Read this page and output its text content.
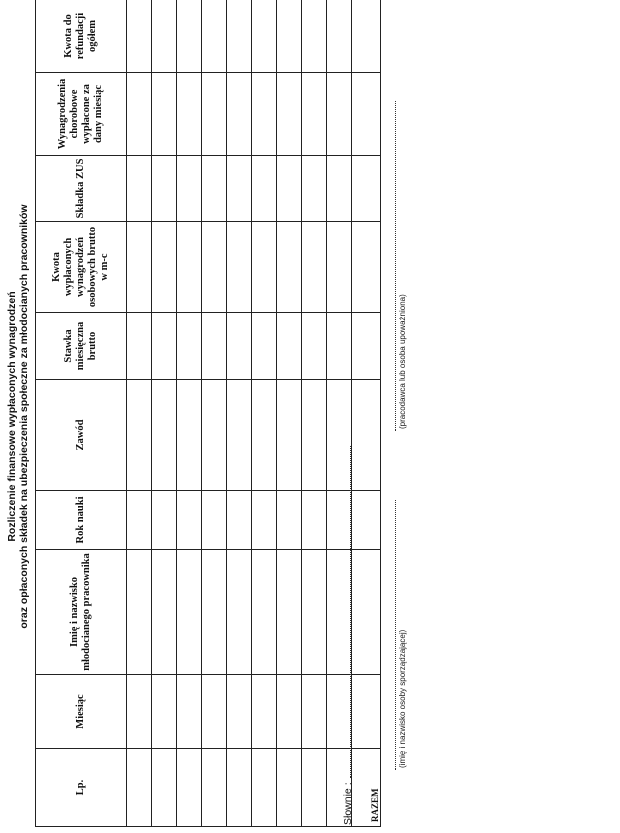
Rozliczenie finansowe wypłaconych wynagrodzeń oraz opłaconych składek na ubezpieczenia społeczne za młodocianych pracowników
Lp.	Miesiąc	Imię i nazwisko młodocianego pracownika	Rok nauki	Zawód	Stawka miesięczna brutto	Kwota wypłaconych wynagrodzeń osobowych brutto w m-c	Składka ZUS	Wynagrodzenia chorobowe wypłacone za dany miesiąc	Kwota do refundacji ogółem

RAZEM									
Słownie :
(imię i nazwisko osoby sporządzającej)
(pracodawca lub osoba upoważniona)
